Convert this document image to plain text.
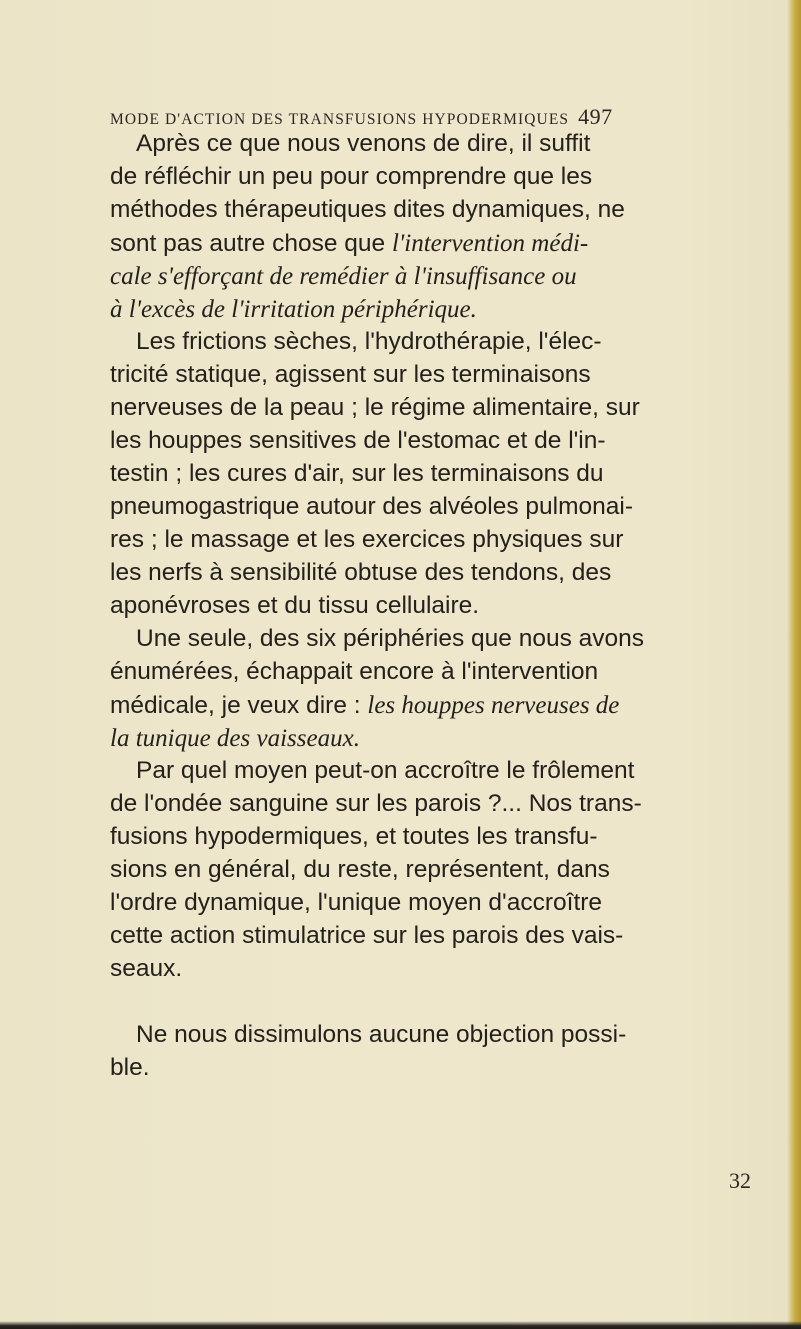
MODE D'ACTION DES TRANSFUSIONS HYPODERMIQUES 497
Après ce que nous venons de dire, il suffit
de réfléchir un peu pour comprendre que les
méthodes thérapeutiques dites dynamiques, ne
sont pas autre chose que l'intervention médi-
cale s'efforçant de remédier à l'insuffisance ou
à l'excès de l'irritation périphérique.
Les frictions sèches, l'hydrothérapie, l'élec-
tricité statique, agissent sur les terminaisons
nerveuses de la peau ; le régime alimentaire, sur
les houppes sensitives de l'estomac et de l'in-
testin ; les cures d'air, sur les terminaisons du
pneumogastrique autour des alvéoles pulmonai-
res ; le massage et les exercices physiques sur
les nerfs à sensibilité obtuse des tendons, des
aponévroses et du tissu cellulaire.
Une seule, des six périphéries que nous avons
énumérées, échappait encore à l'intervention
médicale, je veux dire : les houppes nerveuses de
la tunique des vaisseaux.
Par quel moyen peut-on accroître le frôlement
de l'ondée sanguine sur les parois ?... Nos trans-
fusions hypodermiques, et toutes les transfu-
sions en général, du reste, représentent, dans
l'ordre dynamique, l'unique moyen d'accroître
cette action stimulatrice sur les parois des vais-
seaux.
Ne nous dissimulons aucune objection possi-
ble.
32
